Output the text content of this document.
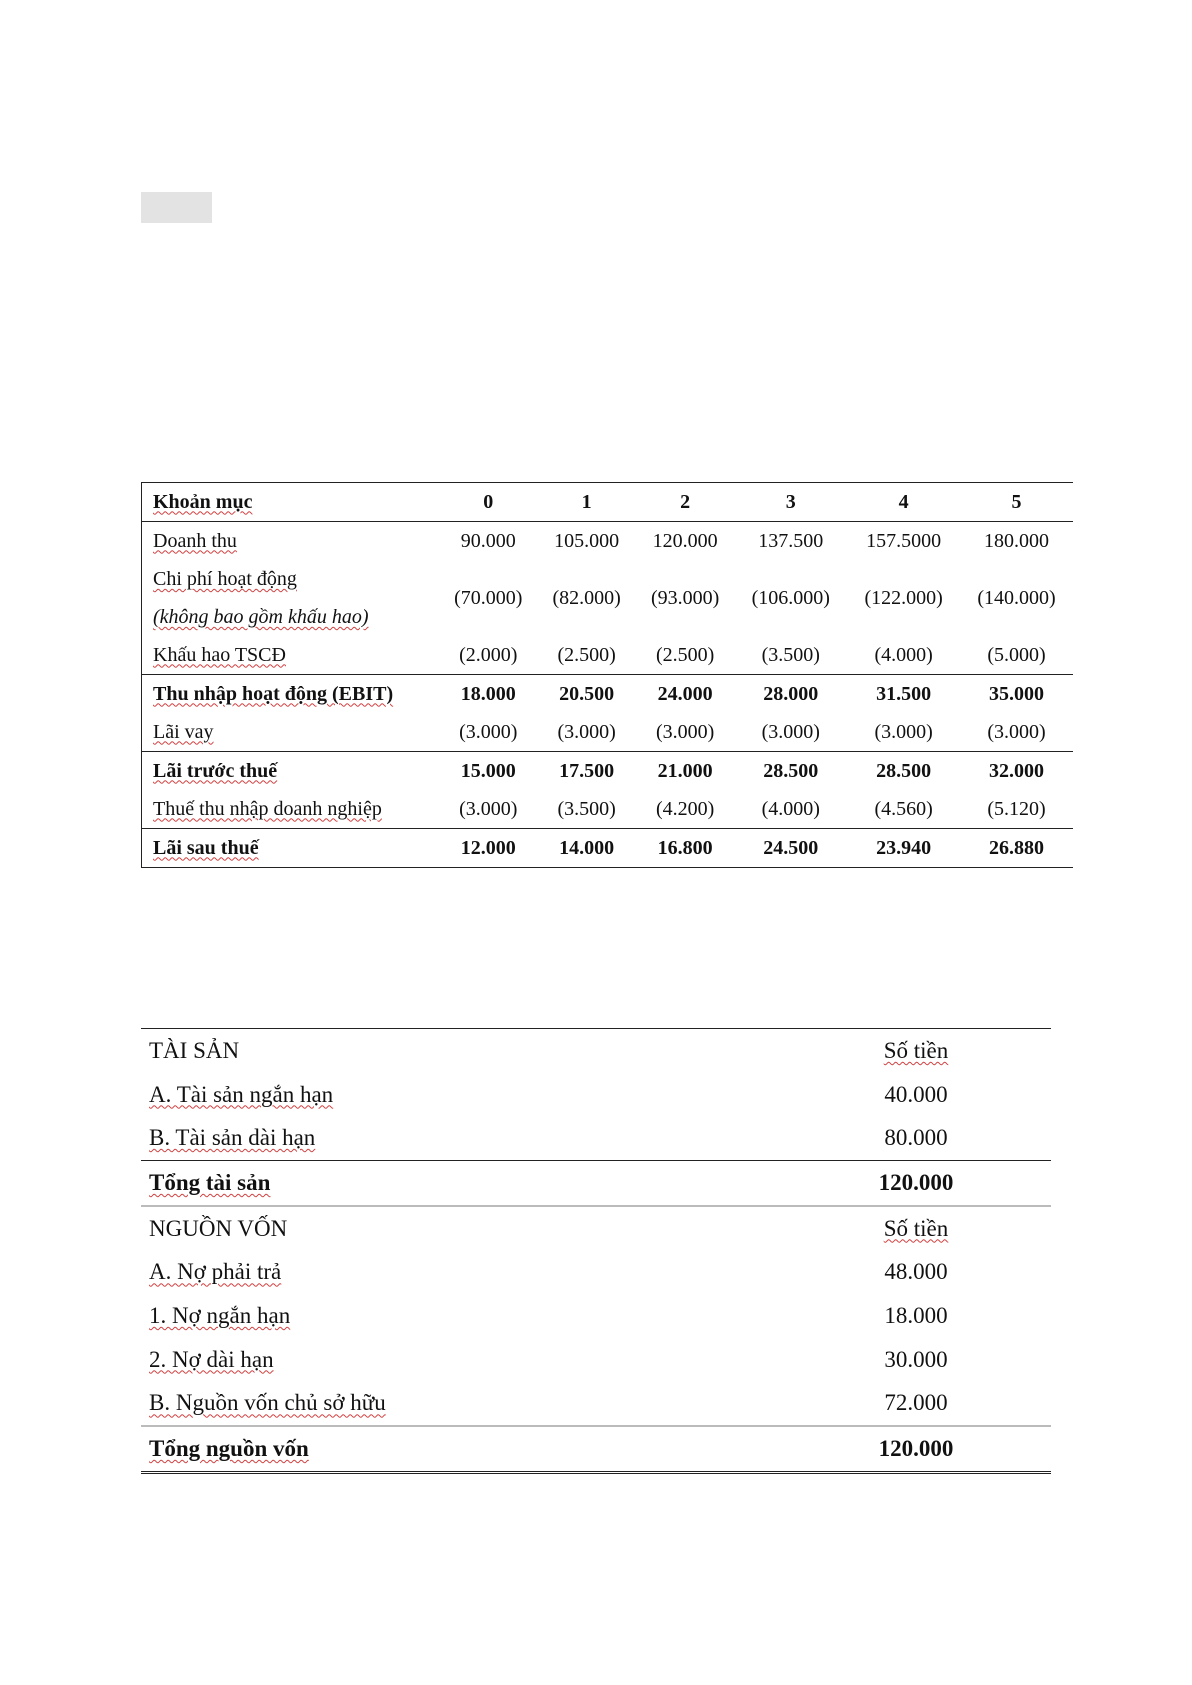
Khoản mục	0	1	2	3	4	5
Doanh thu	90.000	105.000	120.000	137.500	157.5000	180.000

Chi phí hoạt động
(không bao gồm khấu hao)	(70.000)	(82.000)	(93.000)	(106.000)	(122.000)	(140.000)
Khấu hao TSCĐ	(2.000)	(2.500)	(2.500)	(3.500)	(4.000)	(5.000)
Thu nhập hoạt động (EBIT)	18.000	20.500	24.000	28.000	31.500	35.000
Lãi vay	(3.000)	(3.000)	(3.000)	(3.000)	(3.000)	(3.000)
Lãi trước thuế	15.000	17.500	21.000	28.500	28.500	32.000
Thuế thu nhập doanh nghiệp	(3.000)	(3.500)	(4.200)	(4.000)	(4.560)	(5.120)
Lãi sau thuế	12.000	14.000	16.800	24.500	23.940	26.880
TÀI SẢN	Số tiền
A. Tài sản ngắn hạn	40.000
B. Tài sản dài hạn	80.000
Tổng tài sản	120.000
NGUỒN VỐN	Số tiền
A. Nợ phải trả	48.000
1. Nợ ngắn hạn	18.000
2. Nợ dài hạn	30.000
B. Nguồn vốn chủ sở hữu	72.000
Tổng nguồn vốn	120.000
